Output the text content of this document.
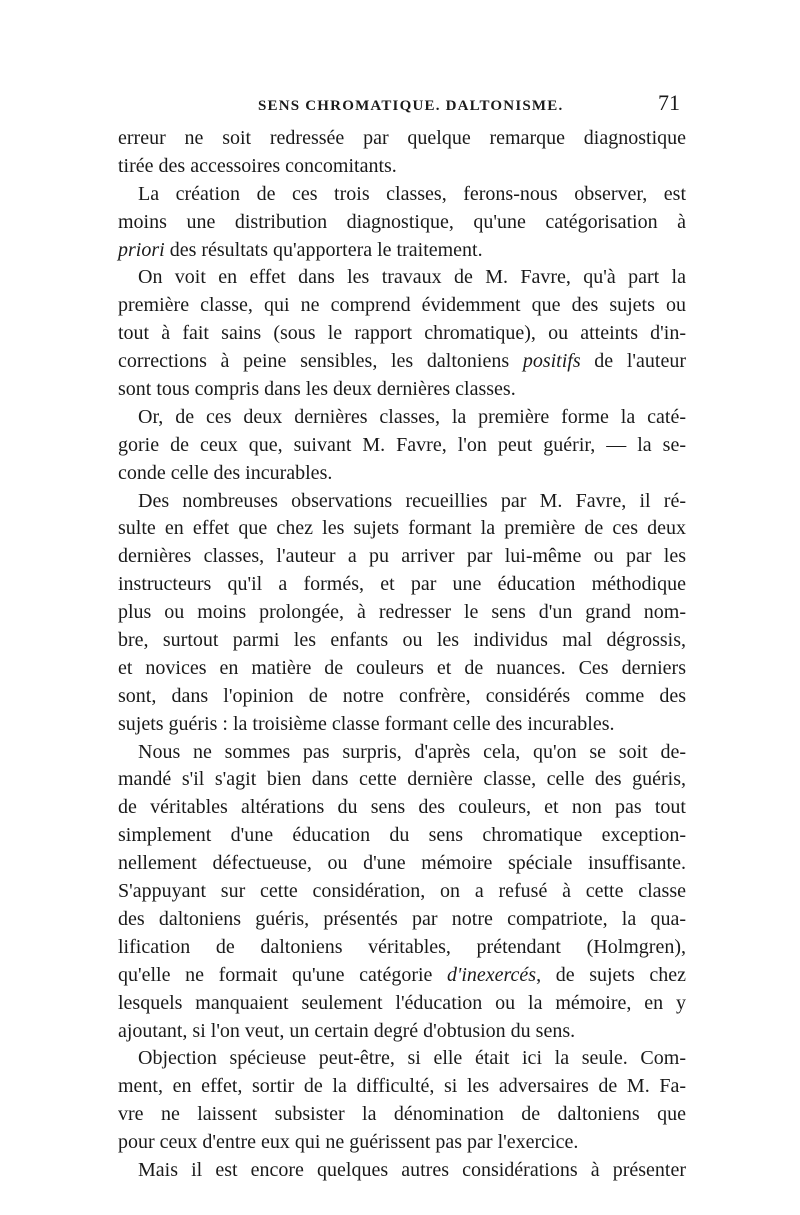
SENS CHROMATIQUE. DALTONISME.	71
erreur ne soit redressée par quelque remarque diagnostique
tirée des accessoires concomitants.
La création de ces trois classes, ferons-nous observer, est
moins une distribution diagnostique, qu'une catégorisation à
priori des résultats qu'apportera le traitement.
On voit en effet dans les travaux de M. Favre, qu'à part la
première classe, qui ne comprend évidemment que des sujets ou
tout à fait sains (sous le rapport chromatique), ou atteints d'in-
corrections à peine sensibles, les daltoniens positifs de l'auteur
sont tous compris dans les deux dernières classes.
Or, de ces deux dernières classes, la première forme la caté-
gorie de ceux que, suivant M. Favre, l'on peut guérir, — la se-
conde celle des incurables.
Des nombreuses observations recueillies par M. Favre, il ré-
sulte en effet que chez les sujets formant la première de ces deux
dernières classes, l'auteur a pu arriver par lui-même ou par les
instructeurs qu'il a formés, et par une éducation méthodique
plus ou moins prolongée, à redresser le sens d'un grand nom-
bre, surtout parmi les enfants ou les individus mal dégrossis,
et novices en matière de couleurs et de nuances. Ces derniers
sont, dans l'opinion de notre confrère, considérés comme des
sujets guéris : la troisième classe formant celle des incurables.
Nous ne sommes pas surpris, d'après cela, qu'on se soit de-
mandé s'il s'agit bien dans cette dernière classe, celle des guéris,
de véritables altérations du sens des couleurs, et non pas tout
simplement d'une éducation du sens chromatique exception-
nellement défectueuse, ou d'une mémoire spéciale insuffisante.
S'appuyant sur cette considération, on a refusé à cette classe
des daltoniens guéris, présentés par notre compatriote, la qua-
lification de daltoniens véritables, prétendant (Holmgren),
qu'elle ne formait qu'une catégorie d'inexercés, de sujets chez
lesquels manquaient seulement l'éducation ou la mémoire, en y
ajoutant, si l'on veut, un certain degré d'obtusion du sens.
Objection spécieuse peut-être, si elle était ici la seule. Com-
ment, en effet, sortir de la difficulté, si les adversaires de M. Fa-
vre ne laissent subsister la dénomination de daltoniens que
pour ceux d'entre eux qui ne guérissent pas par l'exercice.
Mais il est encore quelques autres considérations à présenter
